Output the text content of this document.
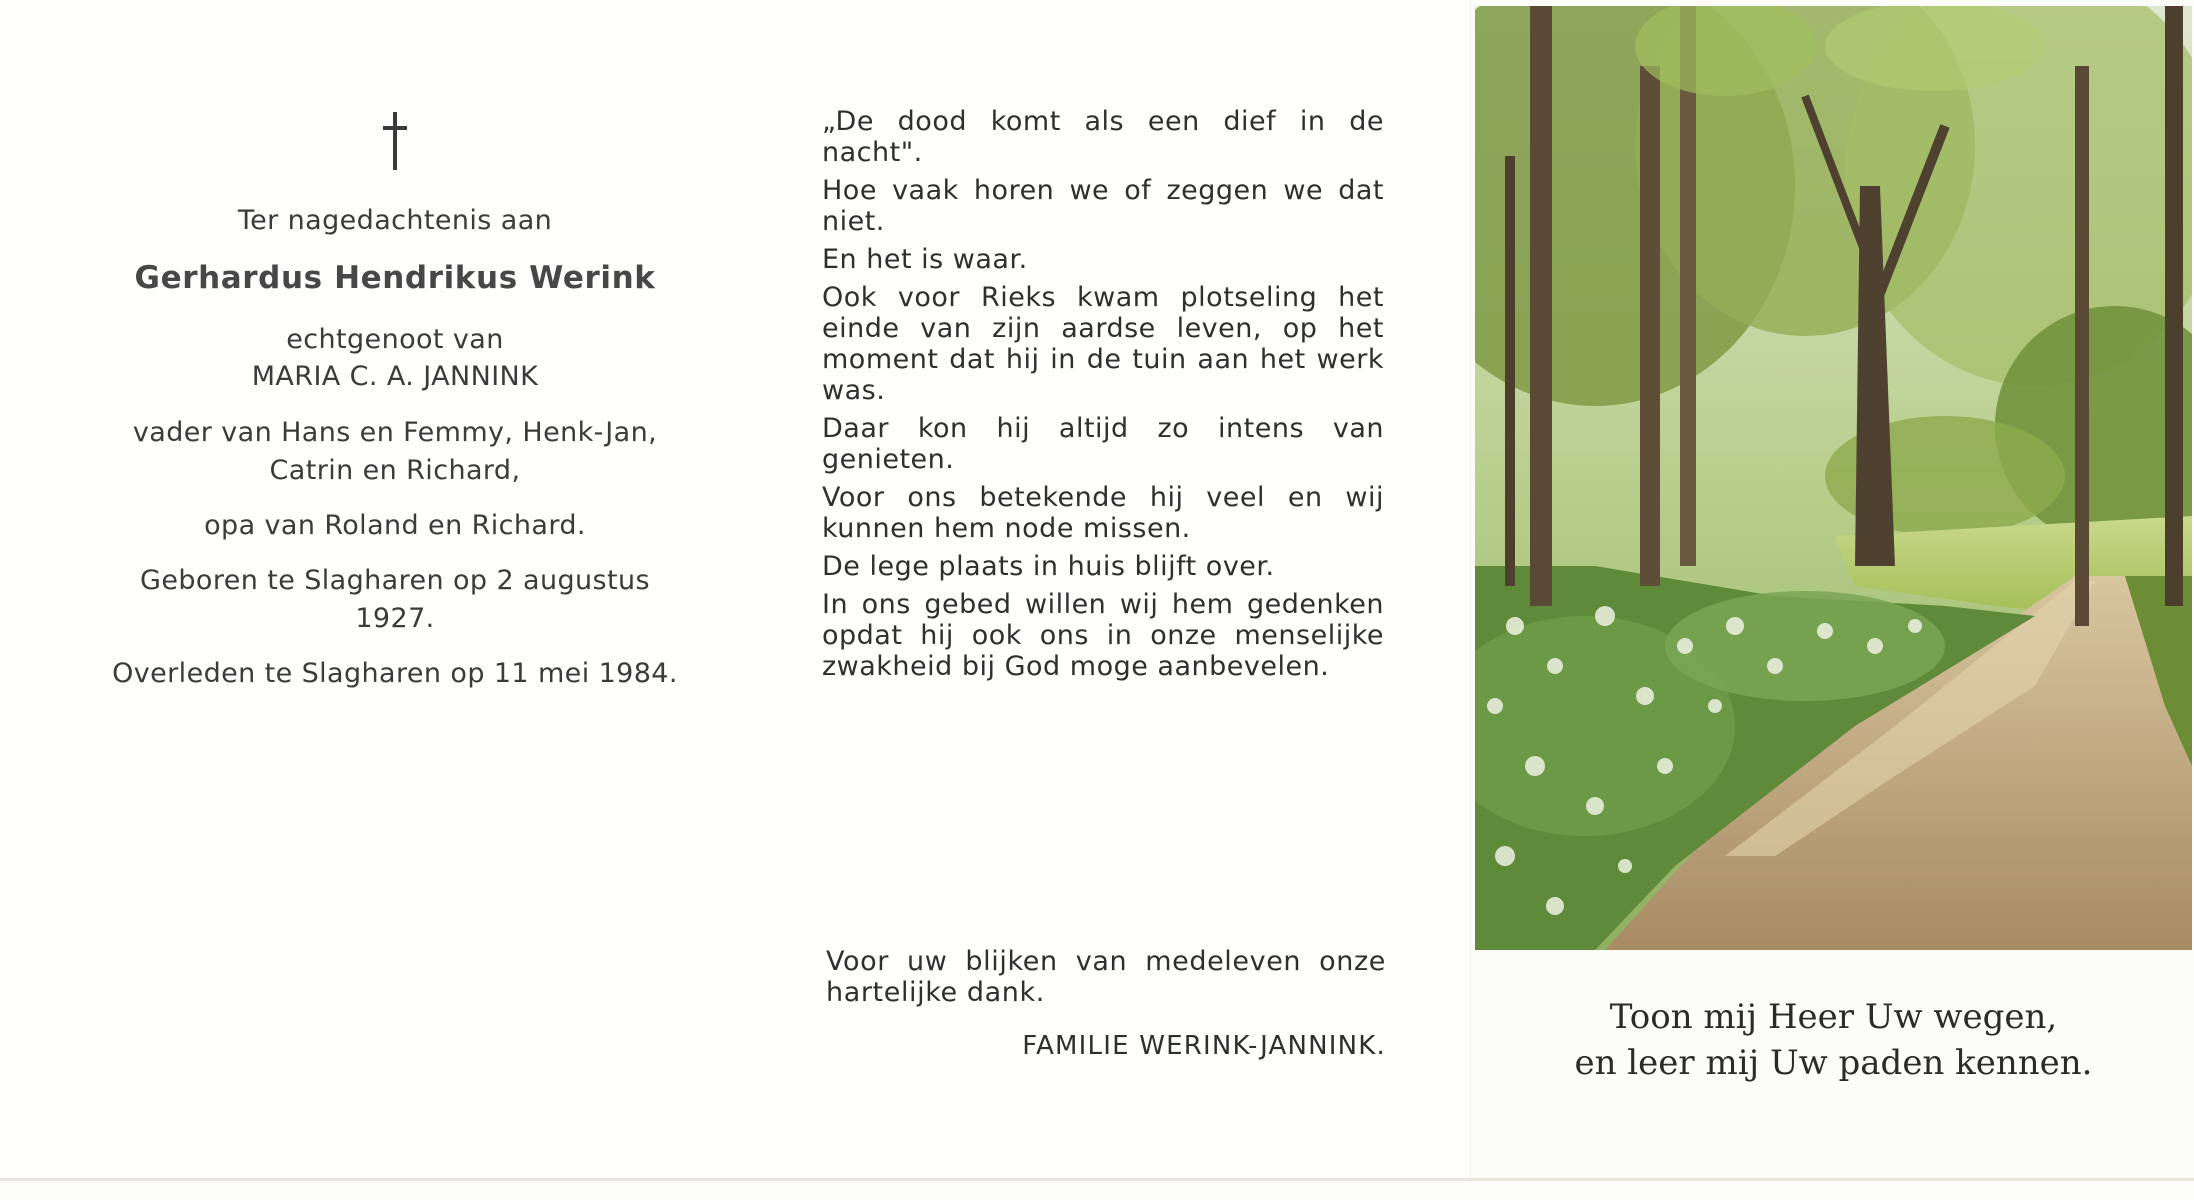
Ter nagedachtenis aan
Gerhardus Hendrikus Werink
echtgenoot van
MARIA C. A. JANNINK
vader van Hans en Femmy, Henk-Jan,
Catrin en Richard,
opa van Roland en Richard.
Geboren te Slagharen op 2 augustus
1927.
Overleden te Slagharen op 11 mei 1984.
„De dood komt als een dief in de nacht".
Hoe vaak horen we of zeggen we dat niet.
En het is waar.
Ook voor Rieks kwam plotseling het einde van zijn aardse leven, op het moment dat hij in de tuin aan het werk was.
Daar kon hij altijd zo intens van genieten.
Voor ons betekende hij veel en wij kunnen hem node missen.
De lege plaats in huis blijft over.
In ons gebed willen wij hem gedenken opdat hij ook ons in onze menselijke zwakheid bij God moge aanbevelen.
Voor uw blijken van medeleven onze hartelijke dank.
FAMILIE WERINK-JANNINK.
Toon mij Heer Uw wegen,
en leer mij Uw paden kennen.
